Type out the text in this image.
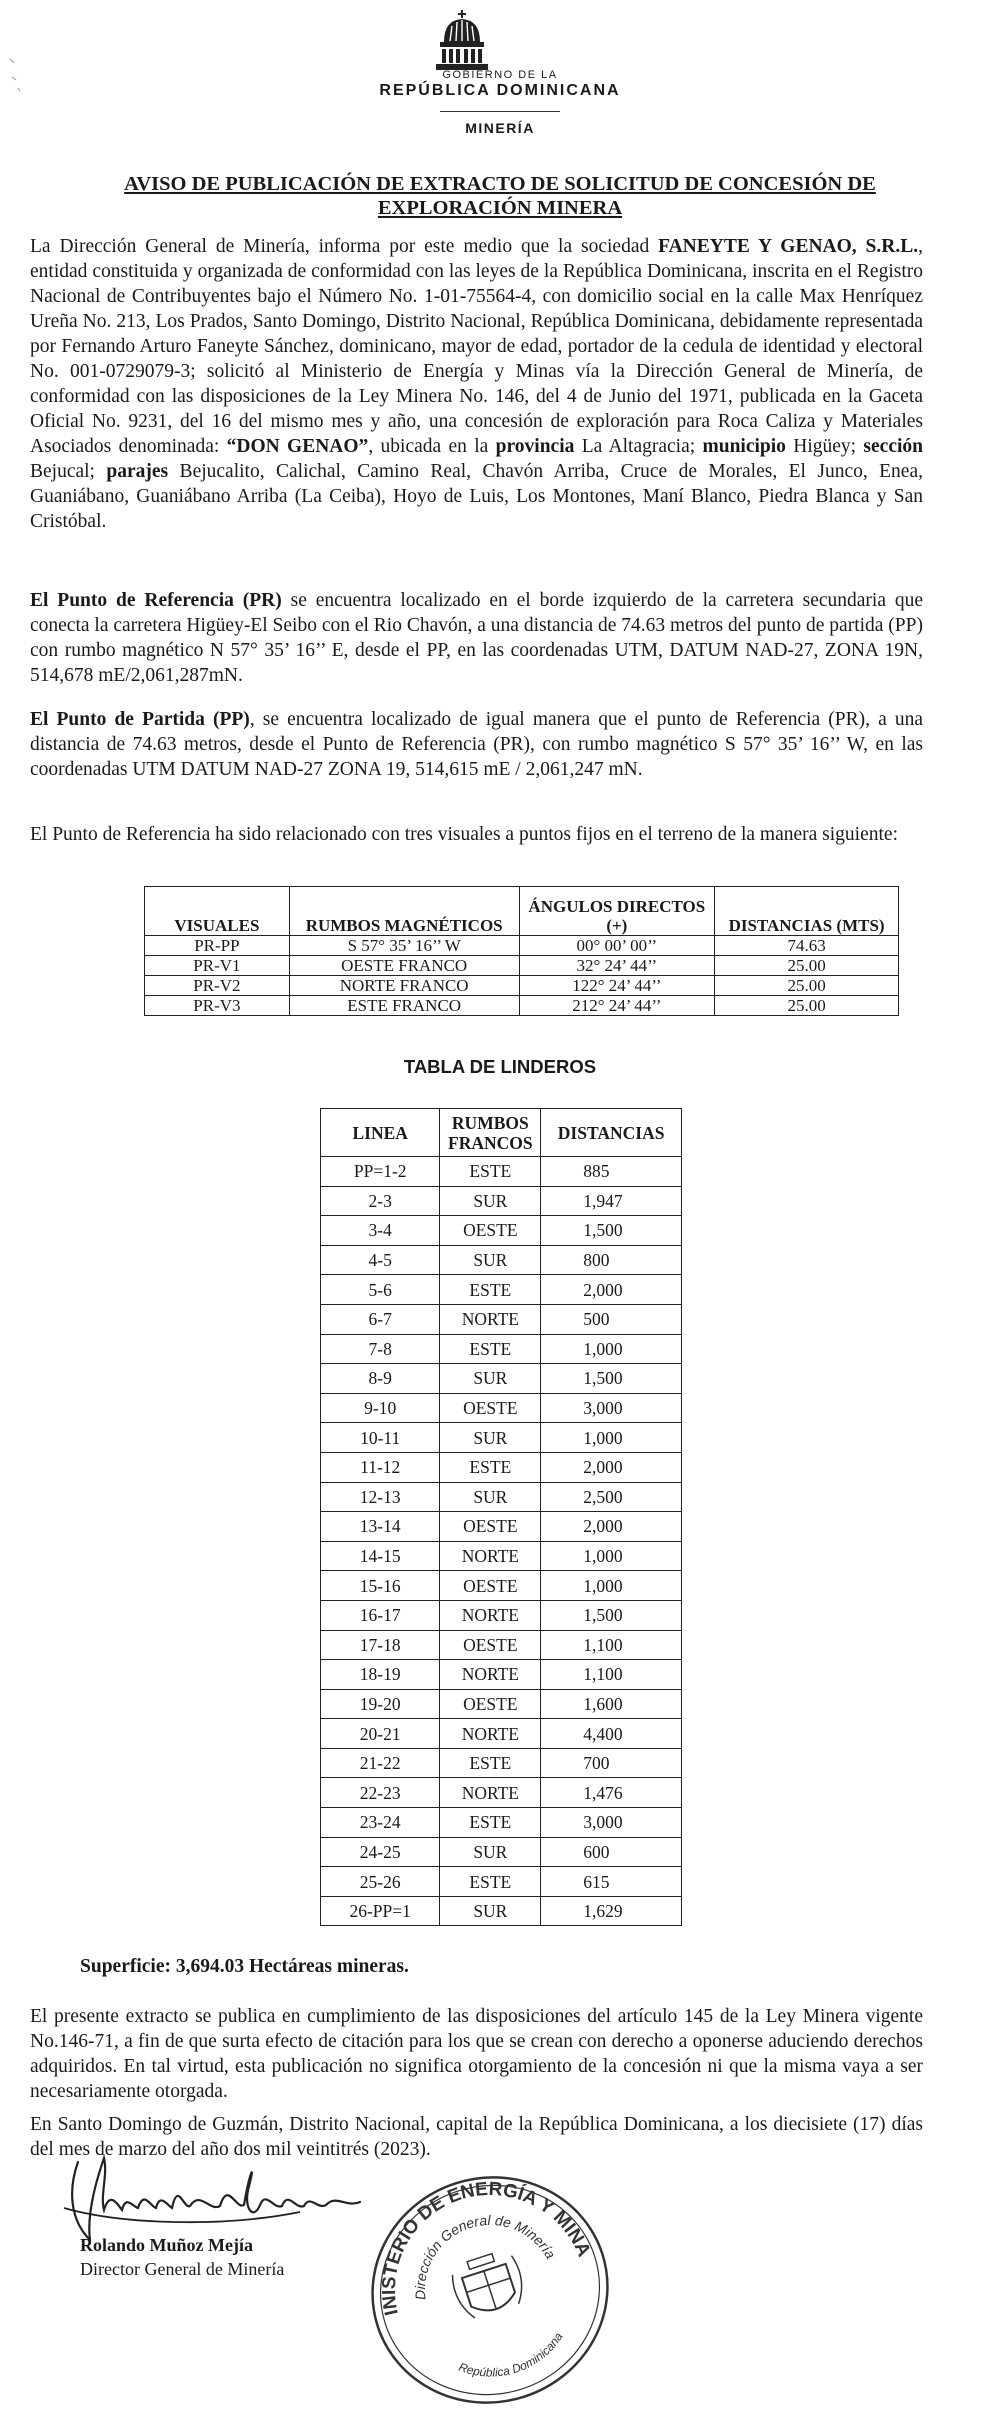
GOBIERNO DE LA
REPÚBLICA DOMINICANA
MINERÍA
AVISO DE PUBLICACIÓN DE EXTRACTO DE SOLICITUD DE CONCESIÓN DE
EXPLORACIÓN MINERA
La Dirección General de Minería, informa por este medio que la sociedad FANEYTE Y GENAO, S.R.L., entidad constituida y organizada de conformidad con las leyes de la República Dominicana, inscrita en el Registro Nacional de Contribuyentes bajo el Número No. 1-01-75564-4, con domicilio social en la calle Max Henríquez Ureña No. 213, Los Prados, Santo Domingo, Distrito Nacional, República Dominicana, debidamente representada por Fernando Arturo Faneyte Sánchez, dominicano, mayor de edad, portador de la cedula de identidad y electoral No. 001-0729079-3; solicitó al Ministerio de Energía y Minas vía la Dirección General de Minería, de conformidad con las disposiciones de la Ley Minera No. 146, del 4 de Junio del 1971, publicada en la Gaceta Oficial No. 9231, del 16 del mismo mes y año, una concesión de exploración para Roca Caliza y Materiales Asociados denominada: “DON GENAO”, ubicada en la provincia La Altagracia; municipio Higüey; sección Bejucal; parajes Bejucalito, Calichal, Camino Real, Chavón Arriba, Cruce de Morales, El Junco, Enea, Guaniábano, Guaniábano Arriba (La Ceiba), Hoyo de Luis, Los Montones, Maní Blanco, Piedra Blanca y San Cristóbal.
El Punto de Referencia (PR) se encuentra localizado en el borde izquierdo de la carretera secundaria que conecta la carretera Higüey-El Seibo con el Rio Chavón, a una distancia de 74.63 metros del punto de partida (PP) con rumbo magnético N 57° 35’ 16’’ E, desde el PP, en las coordenadas UTM, DATUM NAD-27, ZONA 19N, 514,678 mE/2,061,287mN.
El Punto de Partida (PP), se encuentra localizado de igual manera que el punto de Referencia (PR), a una distancia de 74.63 metros, desde el Punto de Referencia (PR), con rumbo magnético S 57° 35’ 16’’ W, en las coordenadas UTM DATUM NAD-27 ZONA 19, 514,615 mE / 2,061,247 mN.
El Punto de Referencia ha sido relacionado con tres visuales a puntos fijos en el terreno de la manera siguiente:
VISUALES	RUMBOS MAGNÉTICOS	ÁNGULOS DIRECTOS (+)	DISTANCIAS (MTS)
PR-PP	S 57° 35’ 16’’ W	00° 00’ 00’’	74.63
PR-V1	OESTE FRANCO	32° 24’ 44’’	25.00
PR-V2	NORTE FRANCO	122° 24’ 44’’	25.00
PR-V3	ESTE FRANCO	212° 24’ 44’’	25.00
TABLA DE LINDEROS
LINEA	RUMBOS FRANCOS	DISTANCIAS
PP=1-2	ESTE	885
2-3	SUR	1,947
3-4	OESTE	1,500
4-5	SUR	800
5-6	ESTE	2,000
6-7	NORTE	500
7-8	ESTE	1,000
8-9	SUR	1,500
9-10	OESTE	3,000
10-11	SUR	1,000
11-12	ESTE	2,000
12-13	SUR	2,500
13-14	OESTE	2,000
14-15	NORTE	1,000
15-16	OESTE	1,000
16-17	NORTE	1,500
17-18	OESTE	1,100
18-19	NORTE	1,100
19-20	OESTE	1,600
20-21	NORTE	4,400
21-22	ESTE	700
22-23	NORTE	1,476
23-24	ESTE	3,000
24-25	SUR	600
25-26	ESTE	615
26-PP=1	SUR	1,629
Superficie: 3,694.03 Hectáreas mineras.
El presente extracto se publica en cumplimiento de las disposiciones del artículo 145 de la Ley Minera vigente No.146-71, a fin de que surta efecto de citación para los que se crean con derecho a oponerse aduciendo derechos adquiridos. En tal virtud, esta publicación no significa otorgamiento de la concesión ni que la misma vaya a ser necesariamente otorgada.
En Santo Domingo de Guzmán, Distrito Nacional, capital de la República Dominicana, a los diecisiete (17) días del mes de marzo del año dos mil veintitrés (2023).
Rolando Muñoz Mejía
Director General de Minería
MINISTERIO DE ENERGÍA Y MINAS
Dirección General de Minería
República Dominicana
